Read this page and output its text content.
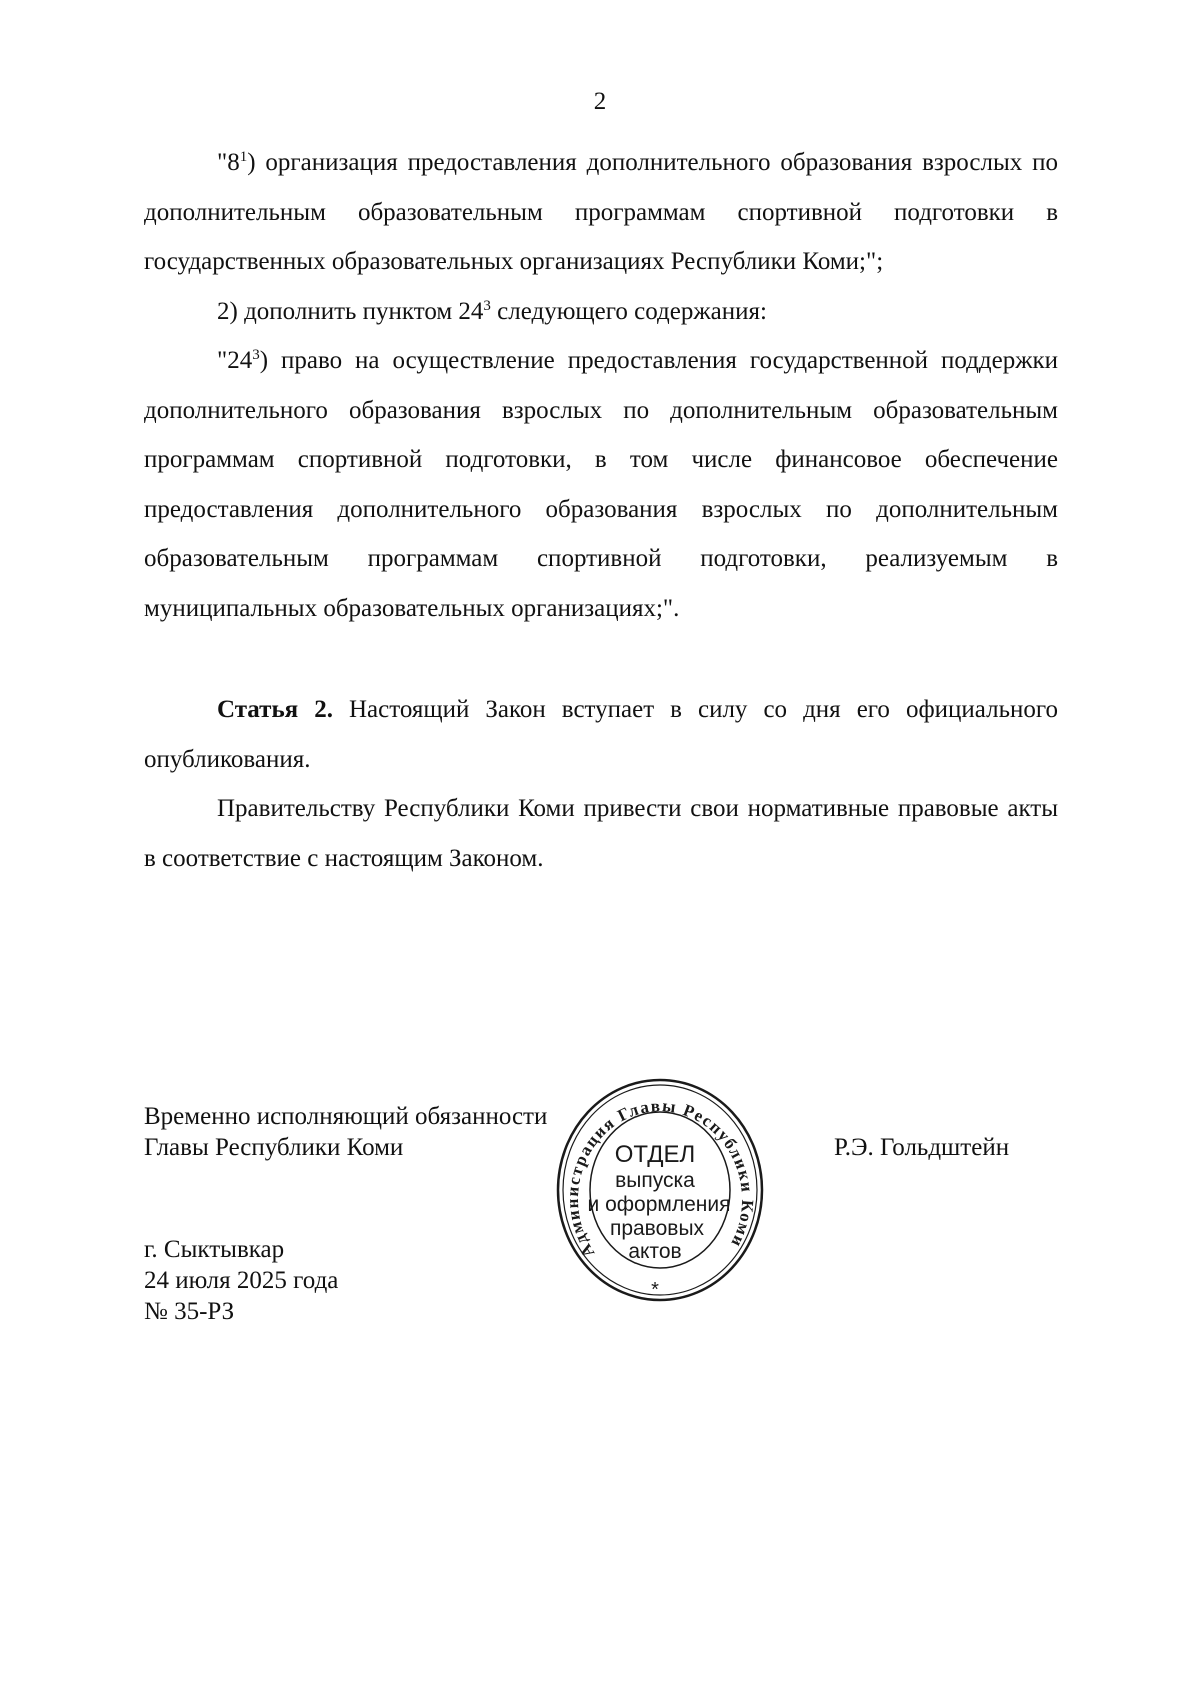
2

"$8^1$) организация предоставления дополнительного образования взрослых по дополнительным образовательным программам спортивной подготовки в государственных образовательных организациях Республики Коми;";

2) дополнить пунктом $24^3$ следующего содержания:

"$24^3$) право на осуществление предоставления государственной поддержки дополнительного образования взрослых по дополнительным образовательным программам спортивной подготовки, в том числе финансовое обеспечение предоставления дополнительного образования взрослых по дополнительным образовательным программам спортивной подготовки, реализуемым в муниципальных образовательных организациях;".

Статья 2. Настоящий Закон вступает в силу со дня его официального опубликования.

Правительству Республики Коми привести свои нормативные правовые акты в соответствие с настоящим Законом.

Временно исполняющий обязанности
Главы Республики Коми	Р.Э. Гольдштейн
Администрация Главы Республики Коми
ОТДЕЛ
выпуска
и оформления
правовых
актов
*
г. Сыктывкар
24 июля 2025 года
№ 35-РЗ
